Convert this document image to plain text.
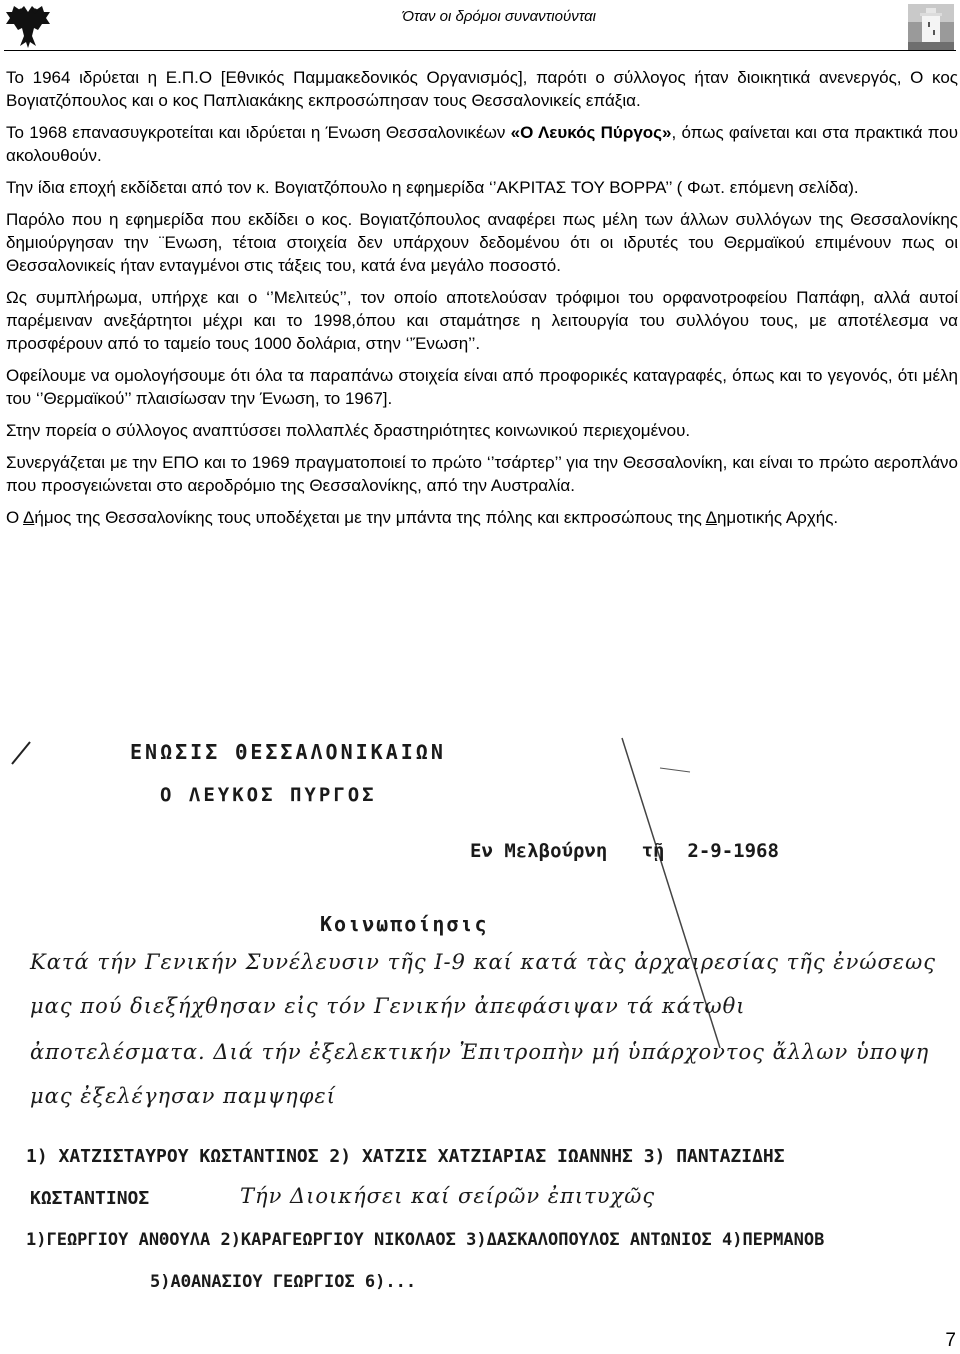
Όταν οι δρόμοι συναντιούνται

Το 1964 ιδρύεται η Ε.Π.Ο [Εθνικός Παμμακεδονικός Οργανισμός], παρότι ο σύλλογος ήταν διοικητικά ανενεργός, Ο κος Βογιατζόπουλος και ο κος Παπλιακάκης εκπροσώπησαν τους Θεσσαλονικείς επάξια.

Το 1968 επανασυγκροτείται και ιδρύεται η Ένωση Θεσσαλονικέων «Ο Λευκός Πύργος», όπως φαίνεται και στα πρακτικά που ακολουθούν.

Την ίδια εποχή εκδίδεται από τον κ. Βογιατζόπουλο η εφημερίδα ‘’ΑΚΡΙΤΑΣ ΤΟΥ ΒΟΡΡΑ’’ ( Φωτ. επόμενη σελίδα).

Παρόλο που η εφημερίδα που εκδίδει ο κος. Βογιατζόπουλος αναφέρει πως μέλη των άλλων συλλόγων της Θεσσαλονίκης δημιούργησαν την ¨Ενωση, τέτοια στοιχεία δεν υπάρχουν δεδομένου ότι οι ιδρυτές του Θερμαϊκού επιμένουν πως οι Θεσσαλονικείς ήταν ενταγμένοι στις τάξεις του, κατά ένα μεγάλο ποσοστό.

Ως συμπλήρωμα, υπήρχε και ο ‘’Μελιτεύς’’, τον οποίο αποτελούσαν τρόφιμοι του ορφανοτροφείου Παπάφη, αλλά αυτοί παρέμειναν ανεξάρτητοι μέχρι και το 1998,όπου και σταμάτησε η λειτουργία του συλλόγου τους, με αποτέλεσμα να προσφέρουν από το ταμείο τους 1000 δολάρια, στην ‘’Ένωση’’.

Οφείλουμε να ομολογήσουμε ότι όλα τα παραπάνω στοιχεία είναι από προφορικές καταγραφές, όπως και το γεγονός, ότι μέλη του ‘’Θερμαϊκού’’ πλαισίωσαν την Ένωση, το 1967].

Στην πορεία ο σύλλογος αναπτύσσει πολλαπλές δραστηριότητες κοινωνικού περιεχομένου.

Συνεργάζεται με την ΕΠΟ και το 1969 πραγματοποιεί το πρώτο ‘’τσάρτερ’’ για την Θεσσαλονίκη, και είναι το πρώτο αεροπλάνο που προσγειώνεται στο αεροδρόμιο της Θεσσαλονίκης, από την Αυστραλία.

Ο Δήμος της Θεσσαλονίκης τους υποδέχεται με την μπάντα της πόλης και εκπροσώπους της Δημοτικής Αρχής.

ΕΝΩΣΙΣ ΘΕΣΣΑΛΟΝΙΚΑΙΩΝ
Ο ΛΕΥΚΟΣ ΠΥΡΓΟΣ
Εν Μελβούρνη τῇ 2-9-1968
Κοινωποίησις
Κατά τήν Γενικήν Συνέλευσιν τῆς Ι-9 καί κατά τὰς ἀρχαιρεσίας τῆς ἐνώσεως
μας πού διεξήχθησαν εἰς τόν Γενικήν ἀπεφάσιψαν τά κάτωθι
ἀποτελέσματα. Διά τήν ἐξελεκτικήν Ἐπιτροπὴν μή ὑπάρχοντος ἄλλων ὑποψη
μας ἐξελέγησαν παμψηφεί
1) ΧΑΤΖΙΣΤΑΥΡΟΥ ΚΩΣΤΑΝΤΙΝΟΣ 2) ΧΑΤΖΙΣ ΧΑΤΖΙΑΡΙΑΣ ΙΩΑΝΝΗΣ 3) ΠΑΝΤΑΖΙΔΗΣ
ΚΩΣΤΑΝΤΙΝΟΣ	Τήν Διοικήσει καί σείρῶν ἐπιτυχῶς
1)ΓΕΩΡΓΙΟΥ ΑΝΘΟΥΛΑ 2)ΚΑΡΑΓΕΩΡΓΙΟΥ ΝΙΚΟΛΑΟΣ 3)ΔΑΣΚΑΛΟΠΟΥΛΟΣ ΑΝΤΩΝΙΟΣ 4)ΠΕΡΜΑΝΟΒ
5)ΑΘΑΝΑΣΙΟΥ ΓΕΩΡΓΙΟΣ 6)...
7
